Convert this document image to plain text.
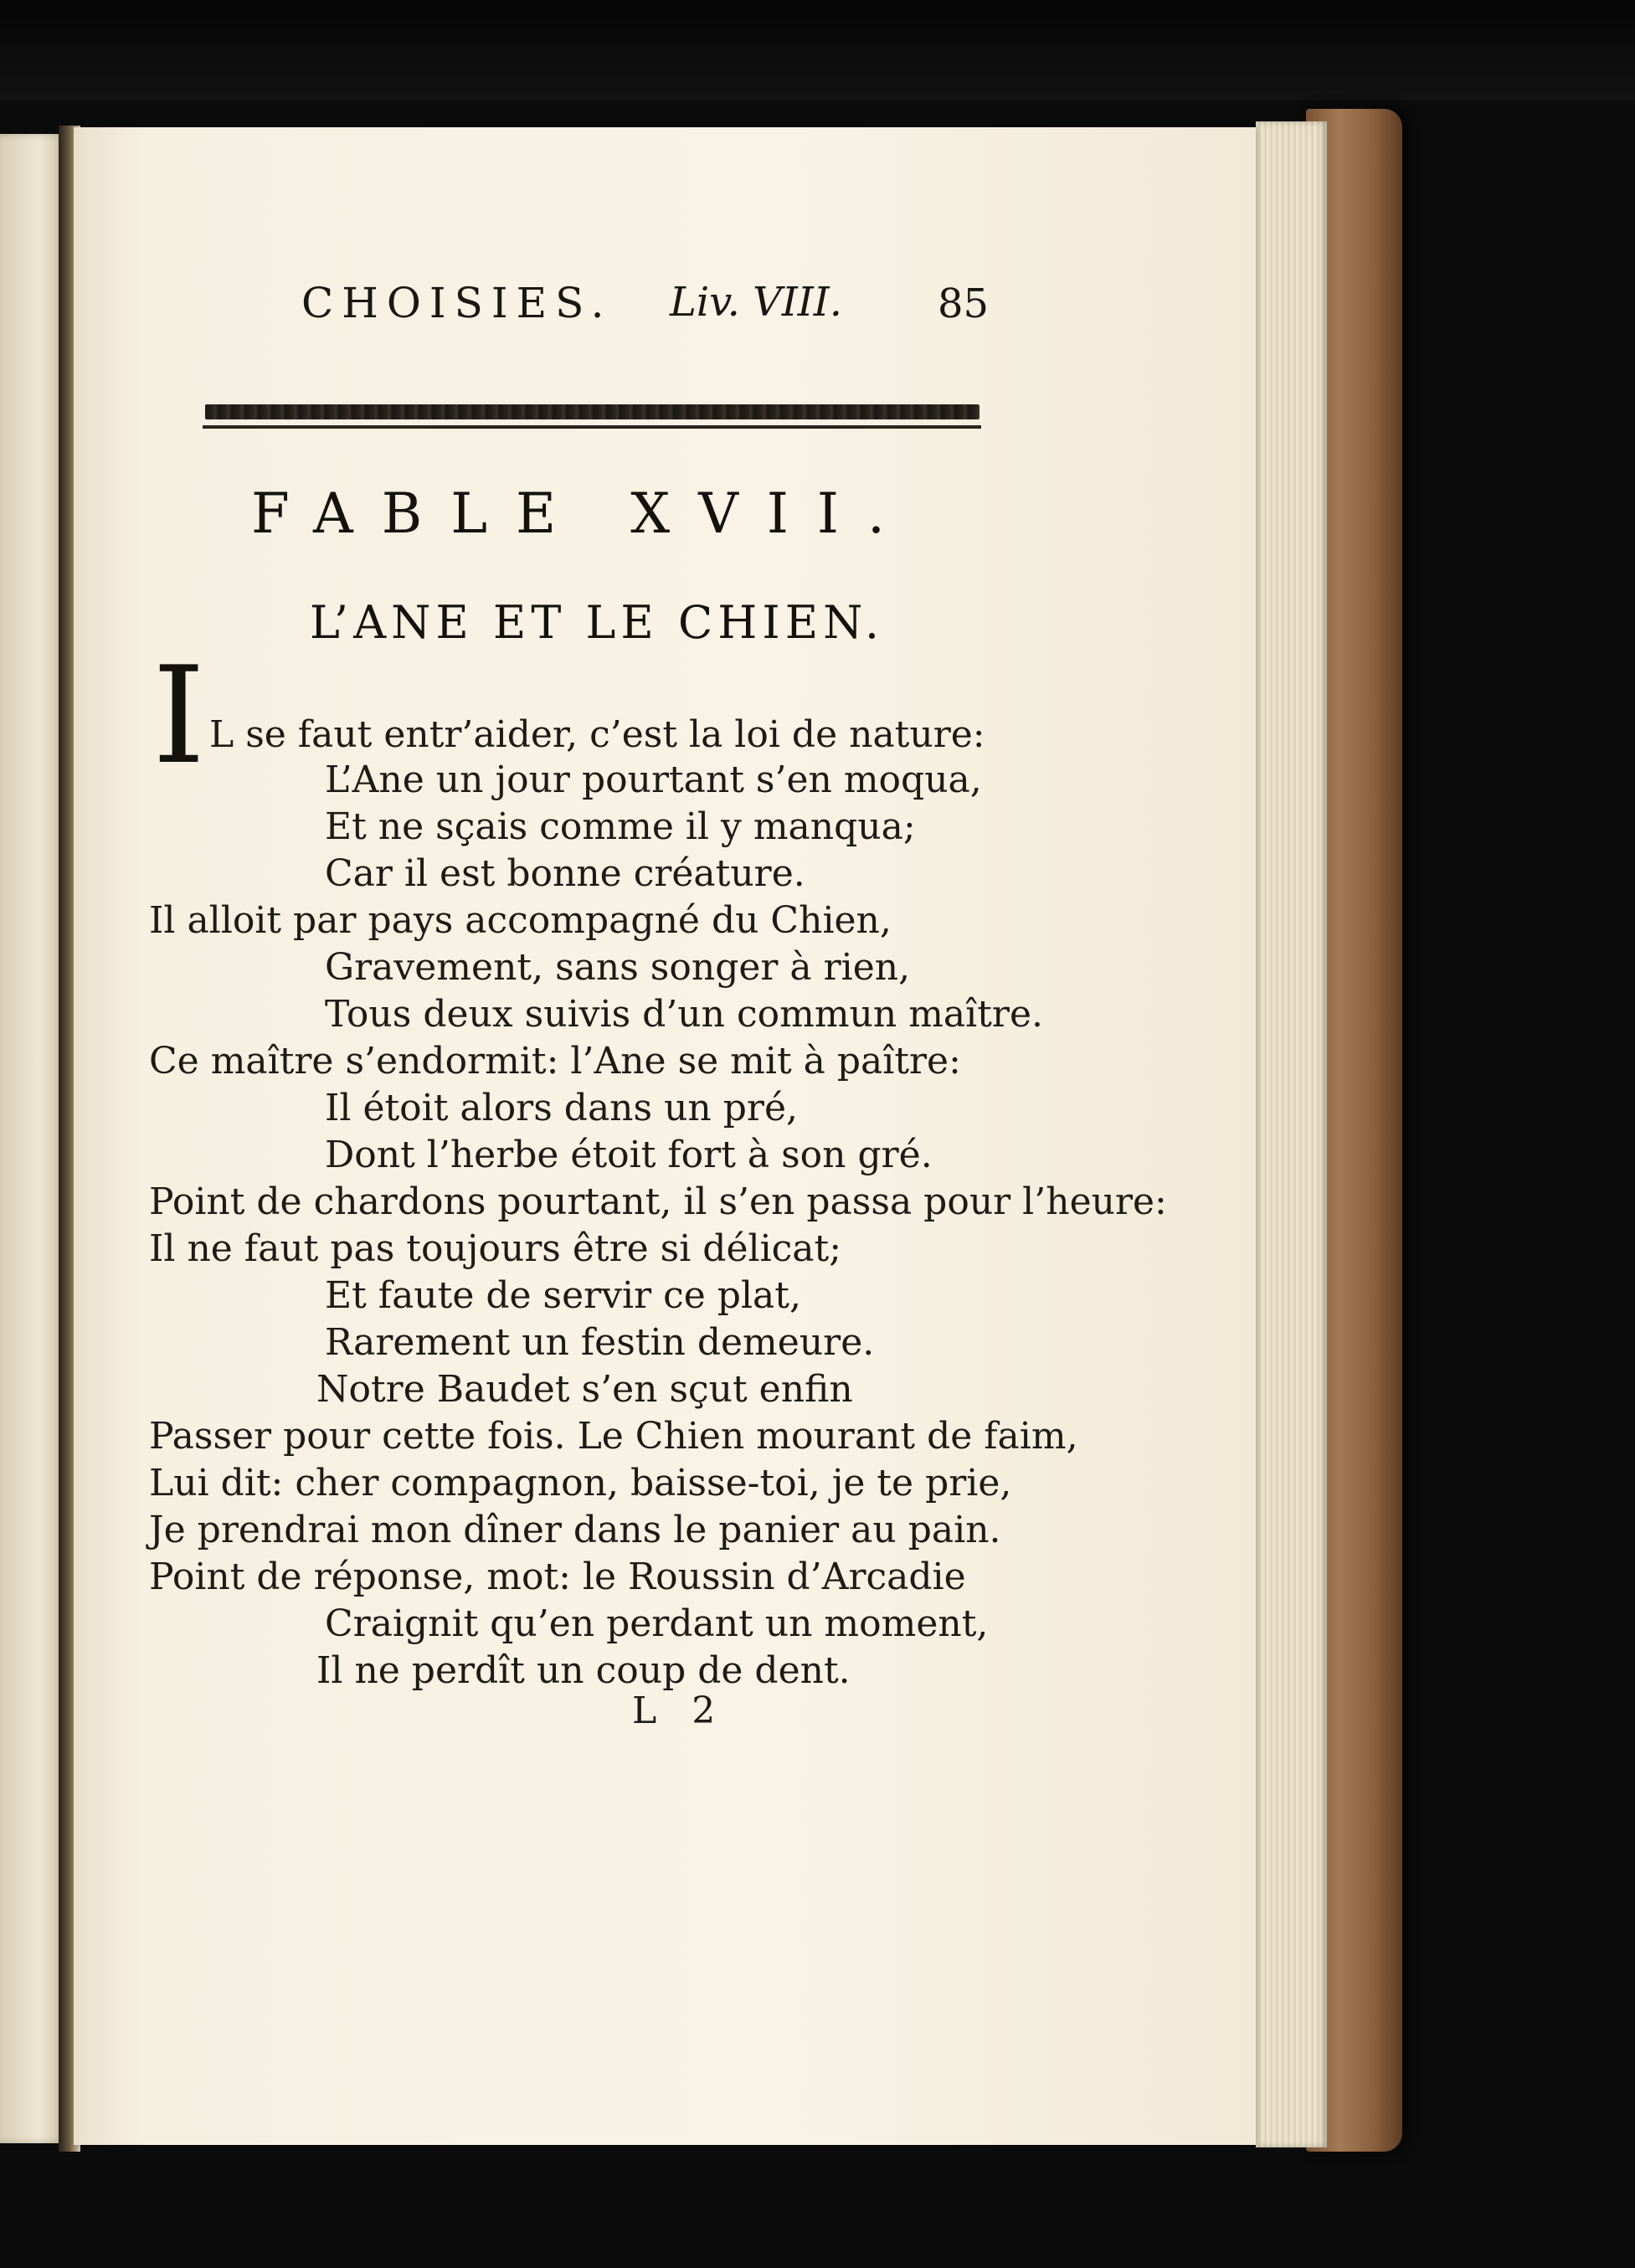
CHOISIES. Liv. VIII. 85
FABLE XVII.
L’ANE ET LE CHIEN.
I L se faut entr’aider, c’est la loi de nature:
L’Ane un jour pourtant s’en moqua,
Et ne sçais comme il y manqua;
Car il est bonne créature.
Il alloit par pays accompagné du Chien,
Gravement, sans songer à rien,
Tous deux suivis d’un commun maître.
Ce maître s’endormit: l’Ane se mit à paître:
Il étoit alors dans un pré,
Dont l’herbe étoit fort à son gré.
Point de chardons pourtant, il s’en passa pour l’heure:
Il ne faut pas toujours être si délicat;
Et faute de servir ce plat,
Rarement un festin demeure.
Notre Baudet s’en sçut enfin
Passer pour cette fois. Le Chien mourant de faim,
Lui dit: cher compagnon, baisse-toi, je te prie,
Je prendrai mon dîner dans le panier au pain.
Point de réponse, mot: le Roussin d’Arcadie
Craignit qu’en perdant un moment,
Il ne perdît un coup de dent.
L 2
